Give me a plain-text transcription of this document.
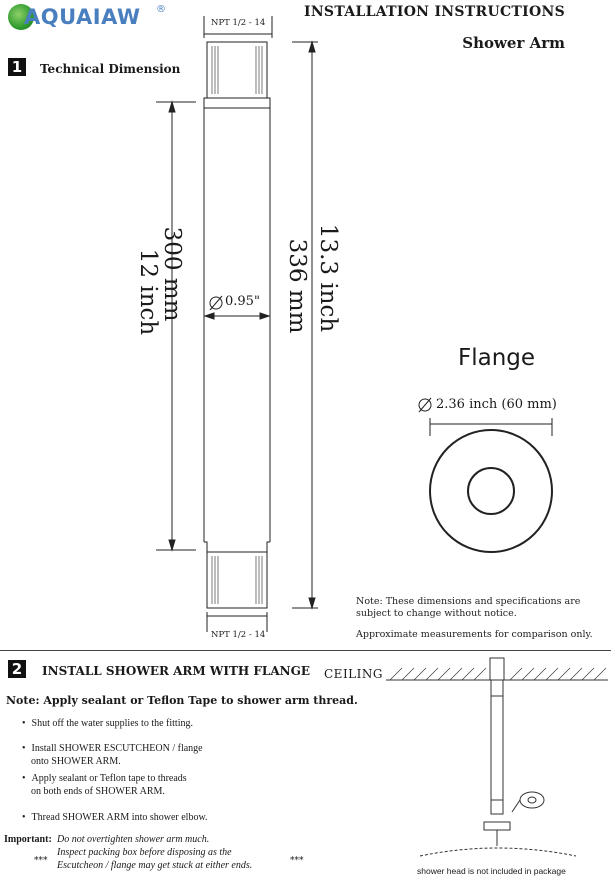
AQUAIAW ®	INSTALLATION INSTRUCTIONS
Shower Arm
1	Technical Dimension
NPT 1/2 - 14
NPT 1/2 - 14
300 mm
12 inch	336 mm 13.3 inch
0.95"
Flange
2.36 inch (60 mm)
Note: These dimensions and specifications are
subject to change without notice.
Approximate measurements for comparison only.
2	INSTALL SHOWER ARM WITH FLANGE CEILING
Note: Apply sealant or Teflon Tape to shower arm thread.
• Shut off the water supplies to the fitting.
• Install SHOWER ESCUTCHEON / flange
onto SHOWER ARM.
• Apply sealant or Teflon tape to threads
on both ends of SHOWER ARM.
• Thread SHOWER ARM into shower elbow.
Important: Do not overtighten shower arm much.
Inspect packing box before disposing as the
Escutcheon / flange may get stuck at either ends.
***	***
shower head is not included in package
